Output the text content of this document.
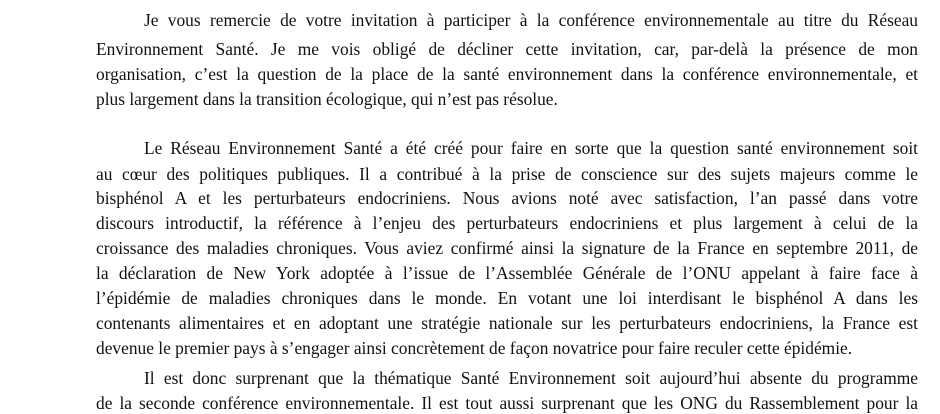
Je vous remercie de votre invitation à participer à la conférence environnementale au titre du Réseau
Environnement Santé. Je me vois obligé de décliner cette invitation, car, par-delà la présence de mon
organisation, c’est la question de la place de la santé environnement dans la conférence environnementale, et
plus largement dans la transition écologique, qui n’est pas résolue.
Le Réseau Environnement Santé a été créé pour faire en sorte que la question santé environnement soit
au cœur des politiques publiques. Il a contribué à la prise de conscience sur des sujets majeurs comme le
bisphénol A et les perturbateurs endocriniens. Nous avions noté avec satisfaction, l’an passé dans votre
discours introductif, la référence à l’enjeu des perturbateurs endocriniens et plus largement à celui de la
croissance des maladies chroniques. Vous aviez confirmé ainsi la signature de la France en septembre 2011, de
la déclaration de New York adoptée à l’issue de l’Assemblée Générale de l’ONU appelant à faire face à
l’épidémie de maladies chroniques dans le monde. En votant une loi interdisant le bisphénol A dans les
contenants alimentaires et en adoptant une stratégie nationale sur les perturbateurs endocriniens, la France est
devenue le premier pays à s’engager ainsi concrètement de façon novatrice pour faire reculer cette épidémie.
Il est donc surprenant que la thématique Santé Environnement soit aujourd’hui absente du programme
de la seconde conférence environnementale. Il est tout aussi surprenant que les ONG du Rassemblement pour la
